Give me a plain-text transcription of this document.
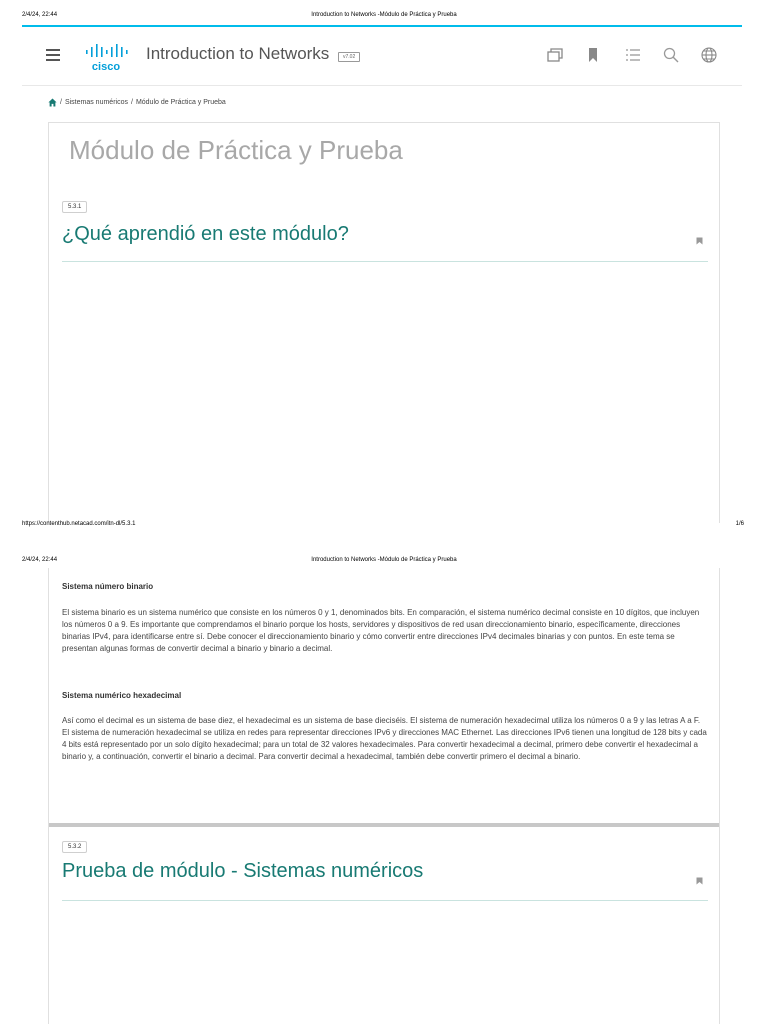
2/4/24, 22:44	Introduction to Networks -Módulo de Práctica y Prueba
cisco
Introduction to Networks	v7.02
/ Sistemas numéricos / Módulo de Práctica y Prueba
Módulo de Práctica y Prueba
5.3.1
¿Qué aprendió en este módulo?
https://contenthub.netacad.com/itn-dl/5.3.1	1/6
2/4/24, 22:44	Introduction to Networks -Módulo de Práctica y Prueba
Sistema número binario
El sistema binario es un sistema numérico que consiste en los números 0 y 1, denominados bits. En comparación, el sistema numérico decimal consiste en 10 dígitos, que incluyen los números 0 a 9. Es importante que comprendamos el binario porque los hosts, servidores y dispositivos de red usan direccionamiento binario, específicamente, direcciones binarias IPv4, para identificarse entre sí. Debe conocer el direccionamiento binario y cómo convertir entre direcciones IPv4 decimales binarias y con puntos. En este tema se presentan algunas formas de convertir decimal a binario y binario a decimal.
Sistema numérico hexadecimal
Así como el decimal es un sistema de base diez, el hexadecimal es un sistema de base dieciséis. El sistema de numeración hexadecimal utiliza los números 0 a 9 y las letras A a F. El sistema de numeración hexadecimal se utiliza en redes para representar direcciones IPv6 y direcciones MAC Ethernet. Las direcciones IPv6 tienen una longitud de 128 bits y cada 4 bits está representado por un solo dígito hexadecimal; para un total de 32 valores hexadecimales. Para convertir hexadecimal a decimal, primero debe convertir el hexadecimal a binario y, a continuación, convertir el binario a decimal. Para convertir decimal a hexadecimal, también debe convertir primero el decimal a binario.
5.3.2
Prueba de módulo - Sistemas numéricos
